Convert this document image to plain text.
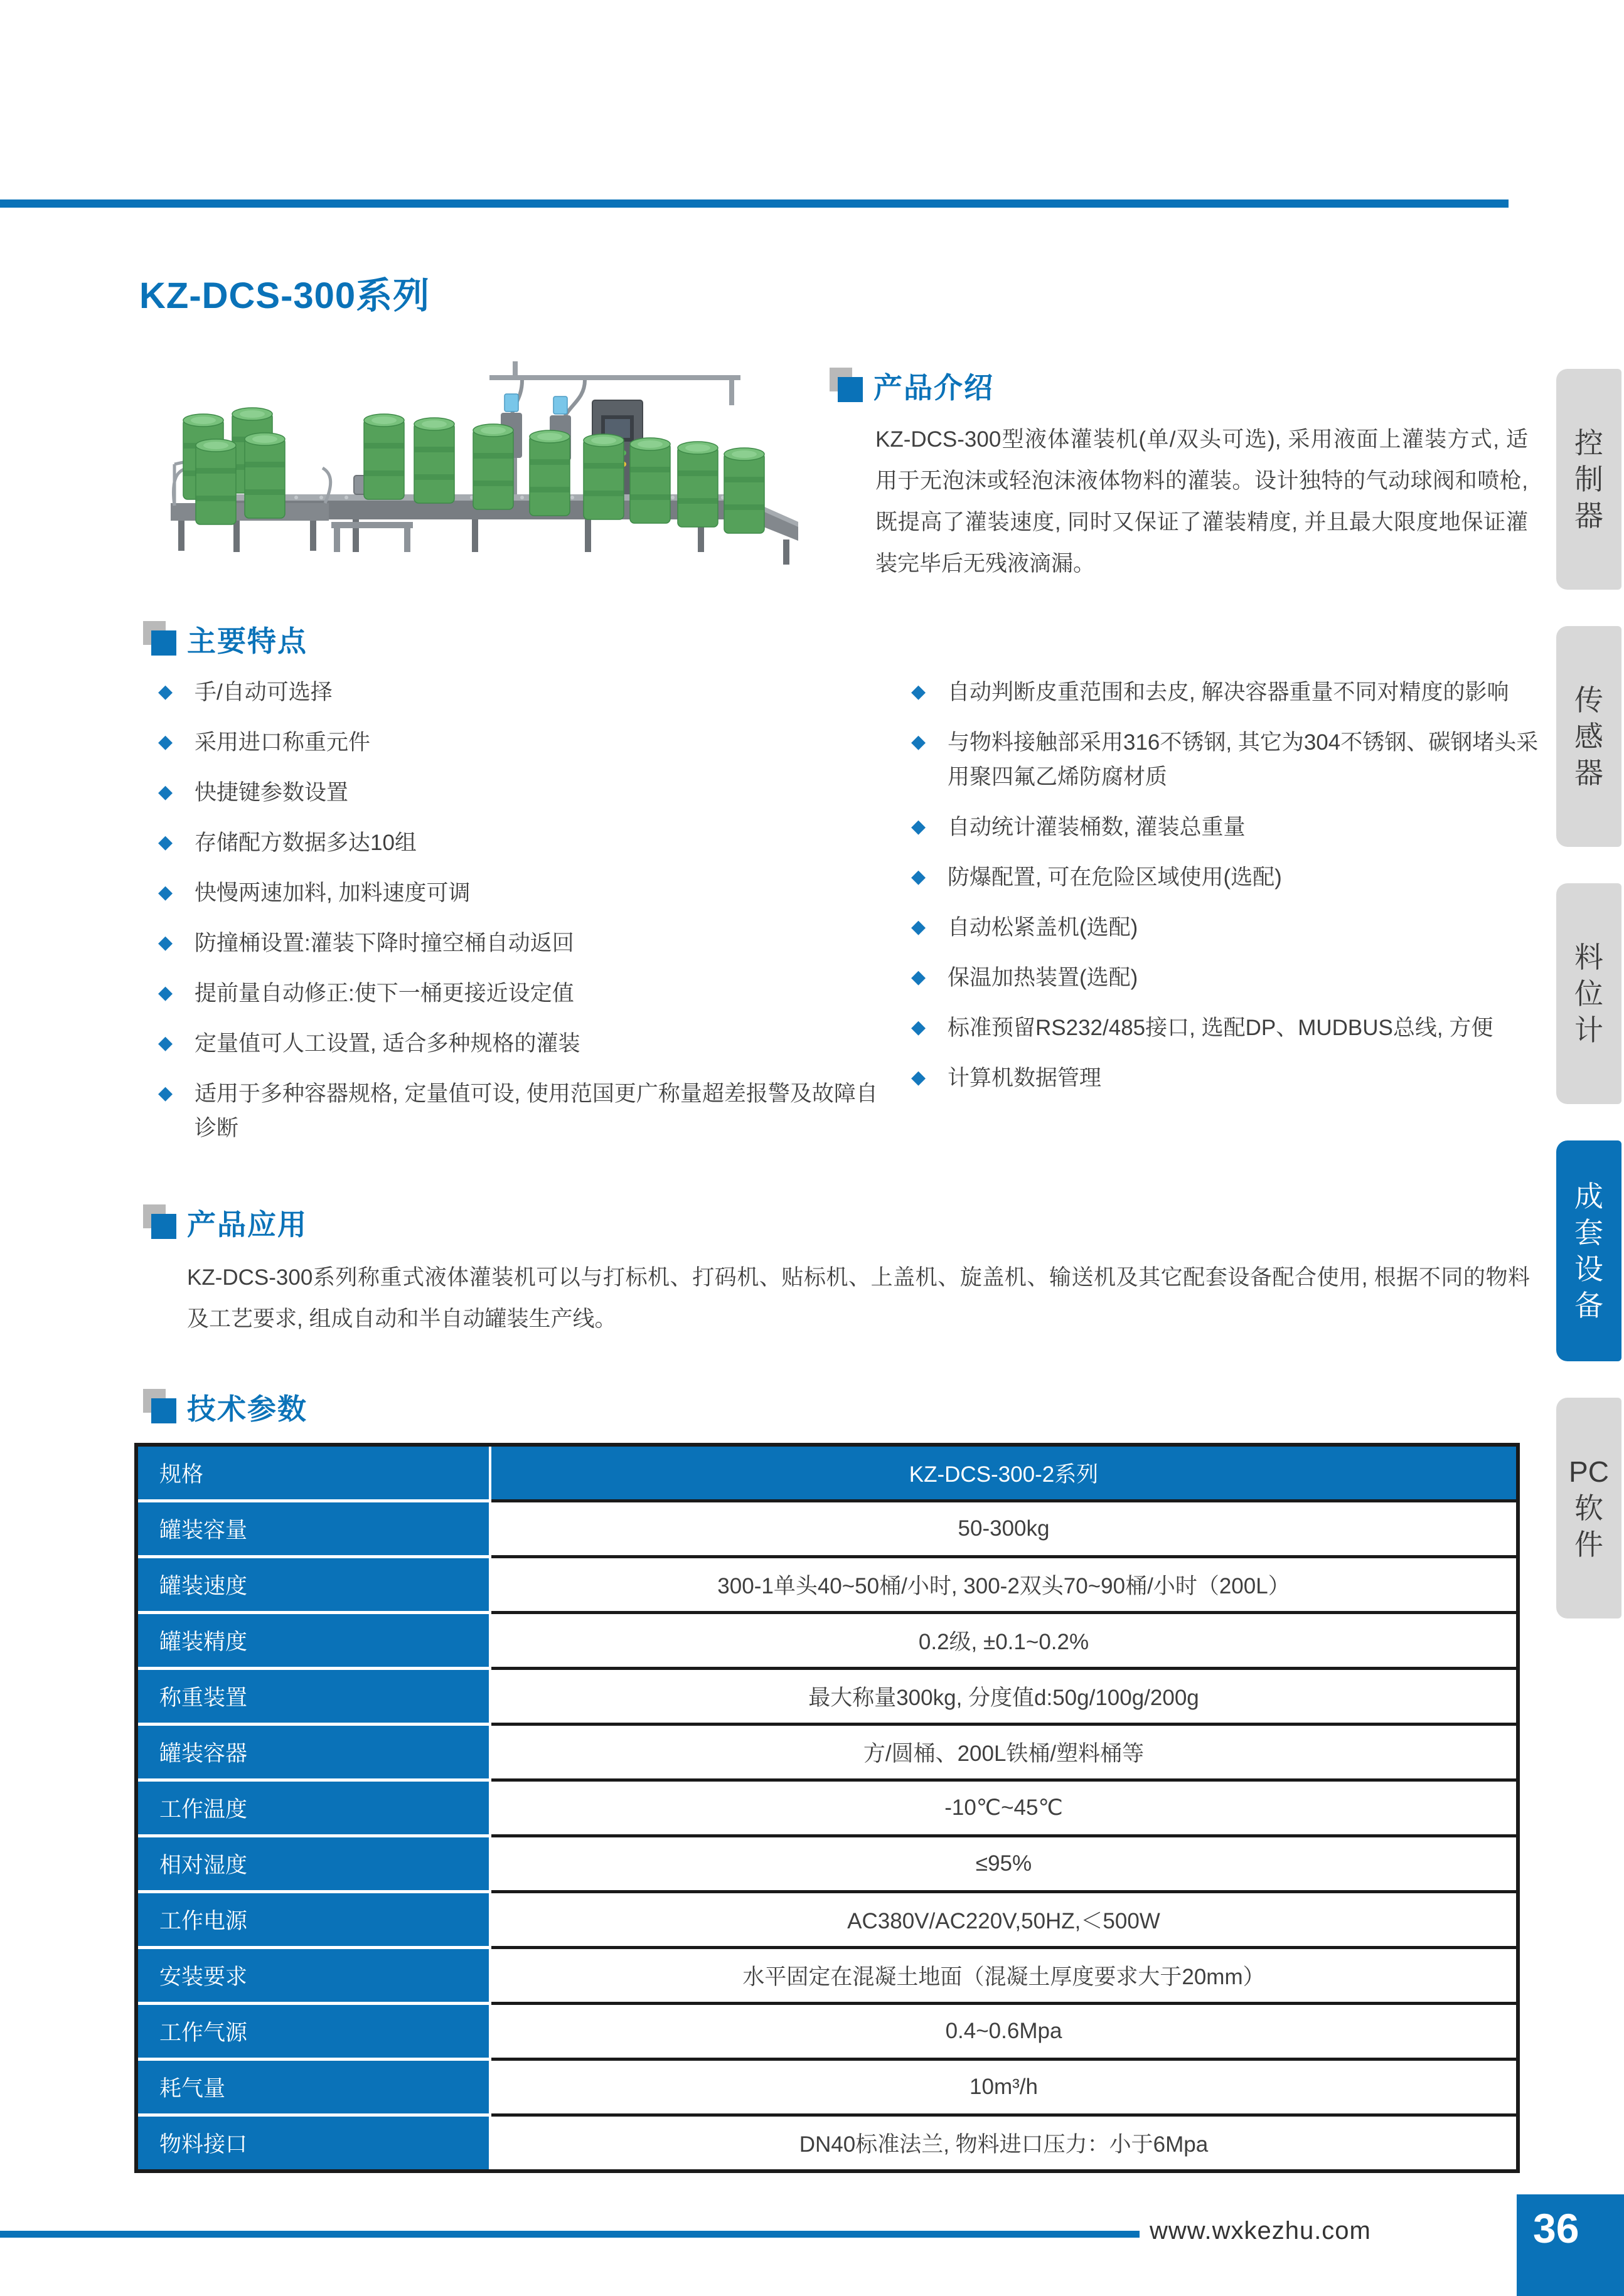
KZ-DCS-300系列
产品介绍
KZ-DCS-300型液体灌装机(单/双头可选), 采用液面上灌装方式, 适用于无泡沫或轻泡沫液体物料的灌装。设计独特的气动球阀和喷枪, 既提高了灌装速度, 同时又保证了灌装精度, 并且最大限度地保证灌装完毕后无残液滴漏。
主要特点
◆ 手/自动可选择
◆ 采用进口称重元件
◆ 快捷键参数设置
◆ 存储配方数据多达10组
◆ 快慢两速加料, 加料速度可调
◆ 防撞桶设置:灌装下降时撞空桶自动返回
◆ 提前量自动修正:使下一桶更接近设定值
◆ 定量值可人工设置, 适合多种规格的灌装
◆ 适用于多种容器规格, 定量值可设, 使用范国更广称量超差报警及故障自诊断
◆ 自动判断皮重范围和去皮, 解决容器重量不同对精度的影响
◆ 与物料接触部采用316不锈钢, 其它为304不锈钢、碳钢堵头采用聚四氟乙烯防腐材质
◆ 自动统计灌装桶数, 灌装总重量
◆ 防爆配置, 可在危险区域使用(选配)
◆ 自动松紧盖机(选配)
◆ 保温加热装置(选配)
◆ 标准预留RS232/485接口, 选配DP、MUDBUS总线, 方便
◆ 计算机数据管理
产品应用
KZ-DCS-300系列称重式液体灌装机可以与打标机、打码机、贴标机、上盖机、旋盖机、输送机及其它配套设备配合使用, 根据不同的物料及工艺要求, 组成自动和半自动罐装生产线。
技术参数
规格	KZ-DCS-300-2系列
罐装容量	50-300kg
罐装速度	300-1单头40~50桶/小时, 300-2双头70~90桶/小时（200L）
罐装精度	0.2级, ±0.1~0.2%
称重装置	最大称量300kg, 分度值d:50g/100g/200g
罐装容器	方/圆桶、200L铁桶/塑料桶等
工作温度	-10℃~45℃
相对湿度	≤95%
工作电源	AC380V/AC220V,50HZ,＜500W
安装要求	水平固定在混凝土地面（混凝土厚度要求大于20mm）
工作气源	0.4~0.6Mpa
耗气量	10m³/h
物料接口	DN40标准法兰, 物料进口压力：小于6Mpa
控
制
器
传
感
器
料
位
计
成
套
设
备
PC
软
件
www.wxkezhu.com	36
